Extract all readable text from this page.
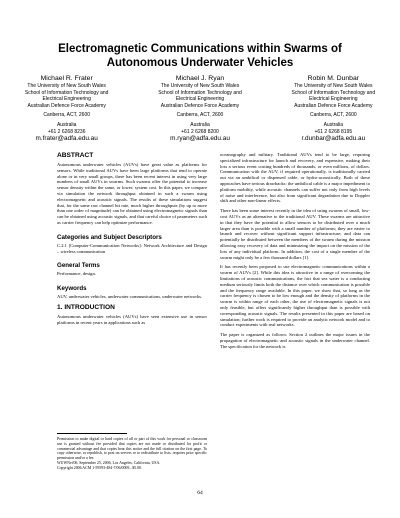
Electromagnetic Communications within Swarms of
Autonomous Underwater Vehicles
Michael R. Frater
The University of New South Wales
School of Information Technology and
Electrical Engineering
Australian Defence Force Academy
Canberra, ACT, 2600
Australia
+61 2 6268 8236
m.frater@adfa.edu.au
Michael J. Ryan
The University of New South Wales
School of Information Technology and
Electrical Engineering
Australian Defence Force Academy
Canberra, ACT, 2600
Australia
+61 2 6268 8200
m.ryan@adfa.edu.au
Robin M. Dunbar
The University of New South Wales
School of Information Technology and
Electrical Engineering
Australian Defence Force Academy
Canberra, ACT, 2600
Australia
+61 2 6268 8195
r.dunbar@adfa.edu.au
ABSTRACT

Autonomous underwater vehicles (AUVs) have great value as platforms for sensors. While traditional AUVs have been large platforms that tend to operate alone or in very small groups, there has been recent interest in using very large numbers of small AUVs in swarms. Such swarms offer the potential to increase sensor density within the same, or lower, system cost. In this paper, we compare via simulation the network throughput obtained in such a swarm using electromagnetic and acoustic signals. The results of these simulations suggest that, for the same raw channel bit rate, much higher throughputs (by up to more than one order of magnitude) can be obtained using electromagnetic signals than can be obtained using acoustic signals, and that careful choice of parameters such as carrier frequency can help optimize performance.

Categories and Subject Descriptors

C.2.1 [Computer-Communication Networks]: Network Architecture and Design – wireless communication

General Terms

Performance, design.

Keywords

AUV, underwater vehicles, underwater communications, underwater networks.

1. INTRODUCTION

Autonomous underwater vehicles (AUVs) have seen extensive use in sensor platforms in recent years in applications such as

Permission to make digital or hard copies of all or part of this work for personal or classroom use is granted without fee provided that copies are not made or distributed for profit or commercial advantage and that copies bear this notice and the full citation on the first page. To copy otherwise, or republish, to post on servers or to redistribute to lists, requires prior specific permission and/or a fee.
WUWNet'06, September 25, 2006, Los Angeles, California, USA.
Copyright 2006 ACM 1-59593-484-7/06/0009...$5.00.

oceanography and military. Traditional AUVs tend to be large, requiring specialized infrastructure for launch and recovery, and expensive, making their loss a serious event costing hundreds of thousands, or even millions, of dollars. Communication with the AUV, if required operationally, is traditionally carried out via an umbilical or dispensed cable, or hydro-acoustically. Both of these approaches have serious drawbacks: the umbilical cable is a major impediment to platform mobility, while acoustic channels can suffer not only from high levels of noise and interference, but also from significant degradation due to Doppler shift and other non-linear effects.

There has been some interest recently in the idea of using swarms of small, low-cost AUVs as an alternative to the traditional AUV. These swarms are attractive in that they have the potential to allow sensors to be distributed over a much larger area than is possible with a small number of platforms; they are easier to launch and recover without significant support infrastructure; and data can potentially be distributed between the members of the swarm during the mission allowing easy recovery of data and minimizing the impact on the mission of the loss of any individual platform. In addition, the cost of a single member of the swarm might only be a few thousand dollars [1].

It has recently been proposed to use electromagnetic communications within a swarm of AUVs [2]. While this idea is attractive in a range of overcoming the limitations of acoustic communications, the fact that sea water is a conducting medium seriously limits both the distance over which communication is possible and the frequency range available. In this paper, we show that, so long as the carrier frequency is chosen to be low enough and the density of platforms in the swarm is within range of each other, the use of electromagnetic signals is not only feasible, but offers significantly higher throughput than is possible with corresponding acoustic signals. The results presented in this paper are based on simulation; further work is required to provide an analytic network model and to conduct experiments with real networks.

The paper is organized as follows: Section 2 outlines the major issues in the propagation of electromagnetic and acoustic signals in the underwater channel. The specification for the network is

64
